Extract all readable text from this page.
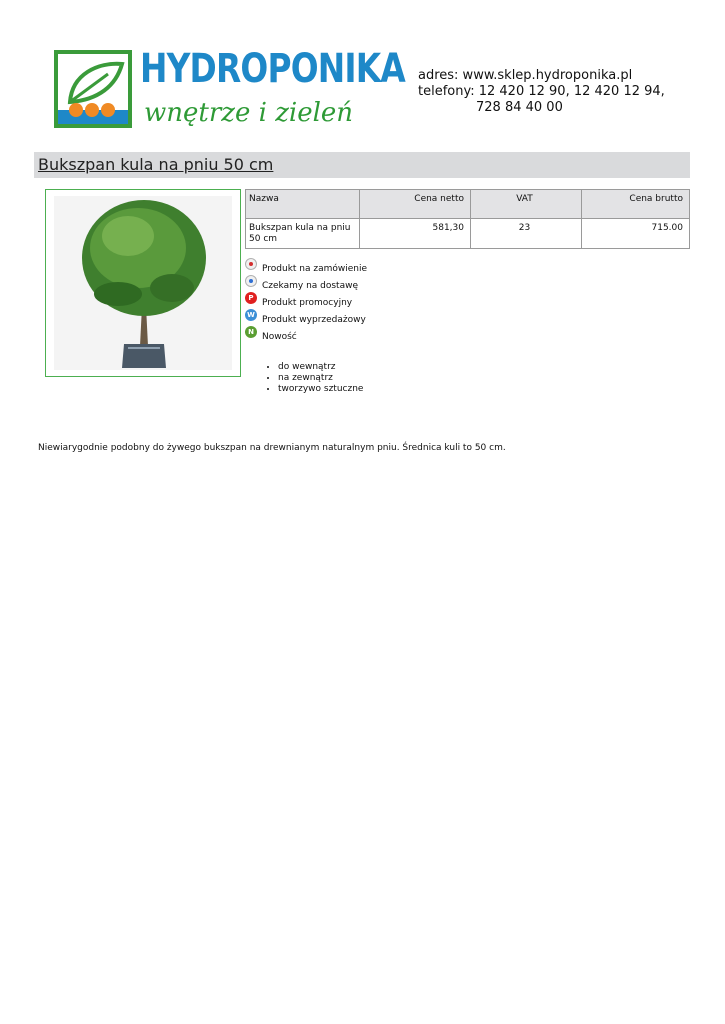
HYDROPONIKA
wnętrze i zieleń
adres: www.sklep.hydroponika.pl
telefony: 12 420 12 90, 12 420 12 94,
728 84 40 00
Bukszpan kula na pniu 50 cm
Nazwa	Cena netto	VAT	Cena brutto
Bukszpan kula na pniu 50 cm	581,30	23	715.00
Produkt na zamówienie
Czekamy na dostawę
P Produkt promocyjny
W Produkt wyprzedażowy
N Nowość
• do wewnątrz
• na zewnątrz
• tworzywo sztuczne
Niewiarygodnie podobny do żywego bukszpan na drewnianym naturalnym pniu. Średnica kuli to 50 cm.
